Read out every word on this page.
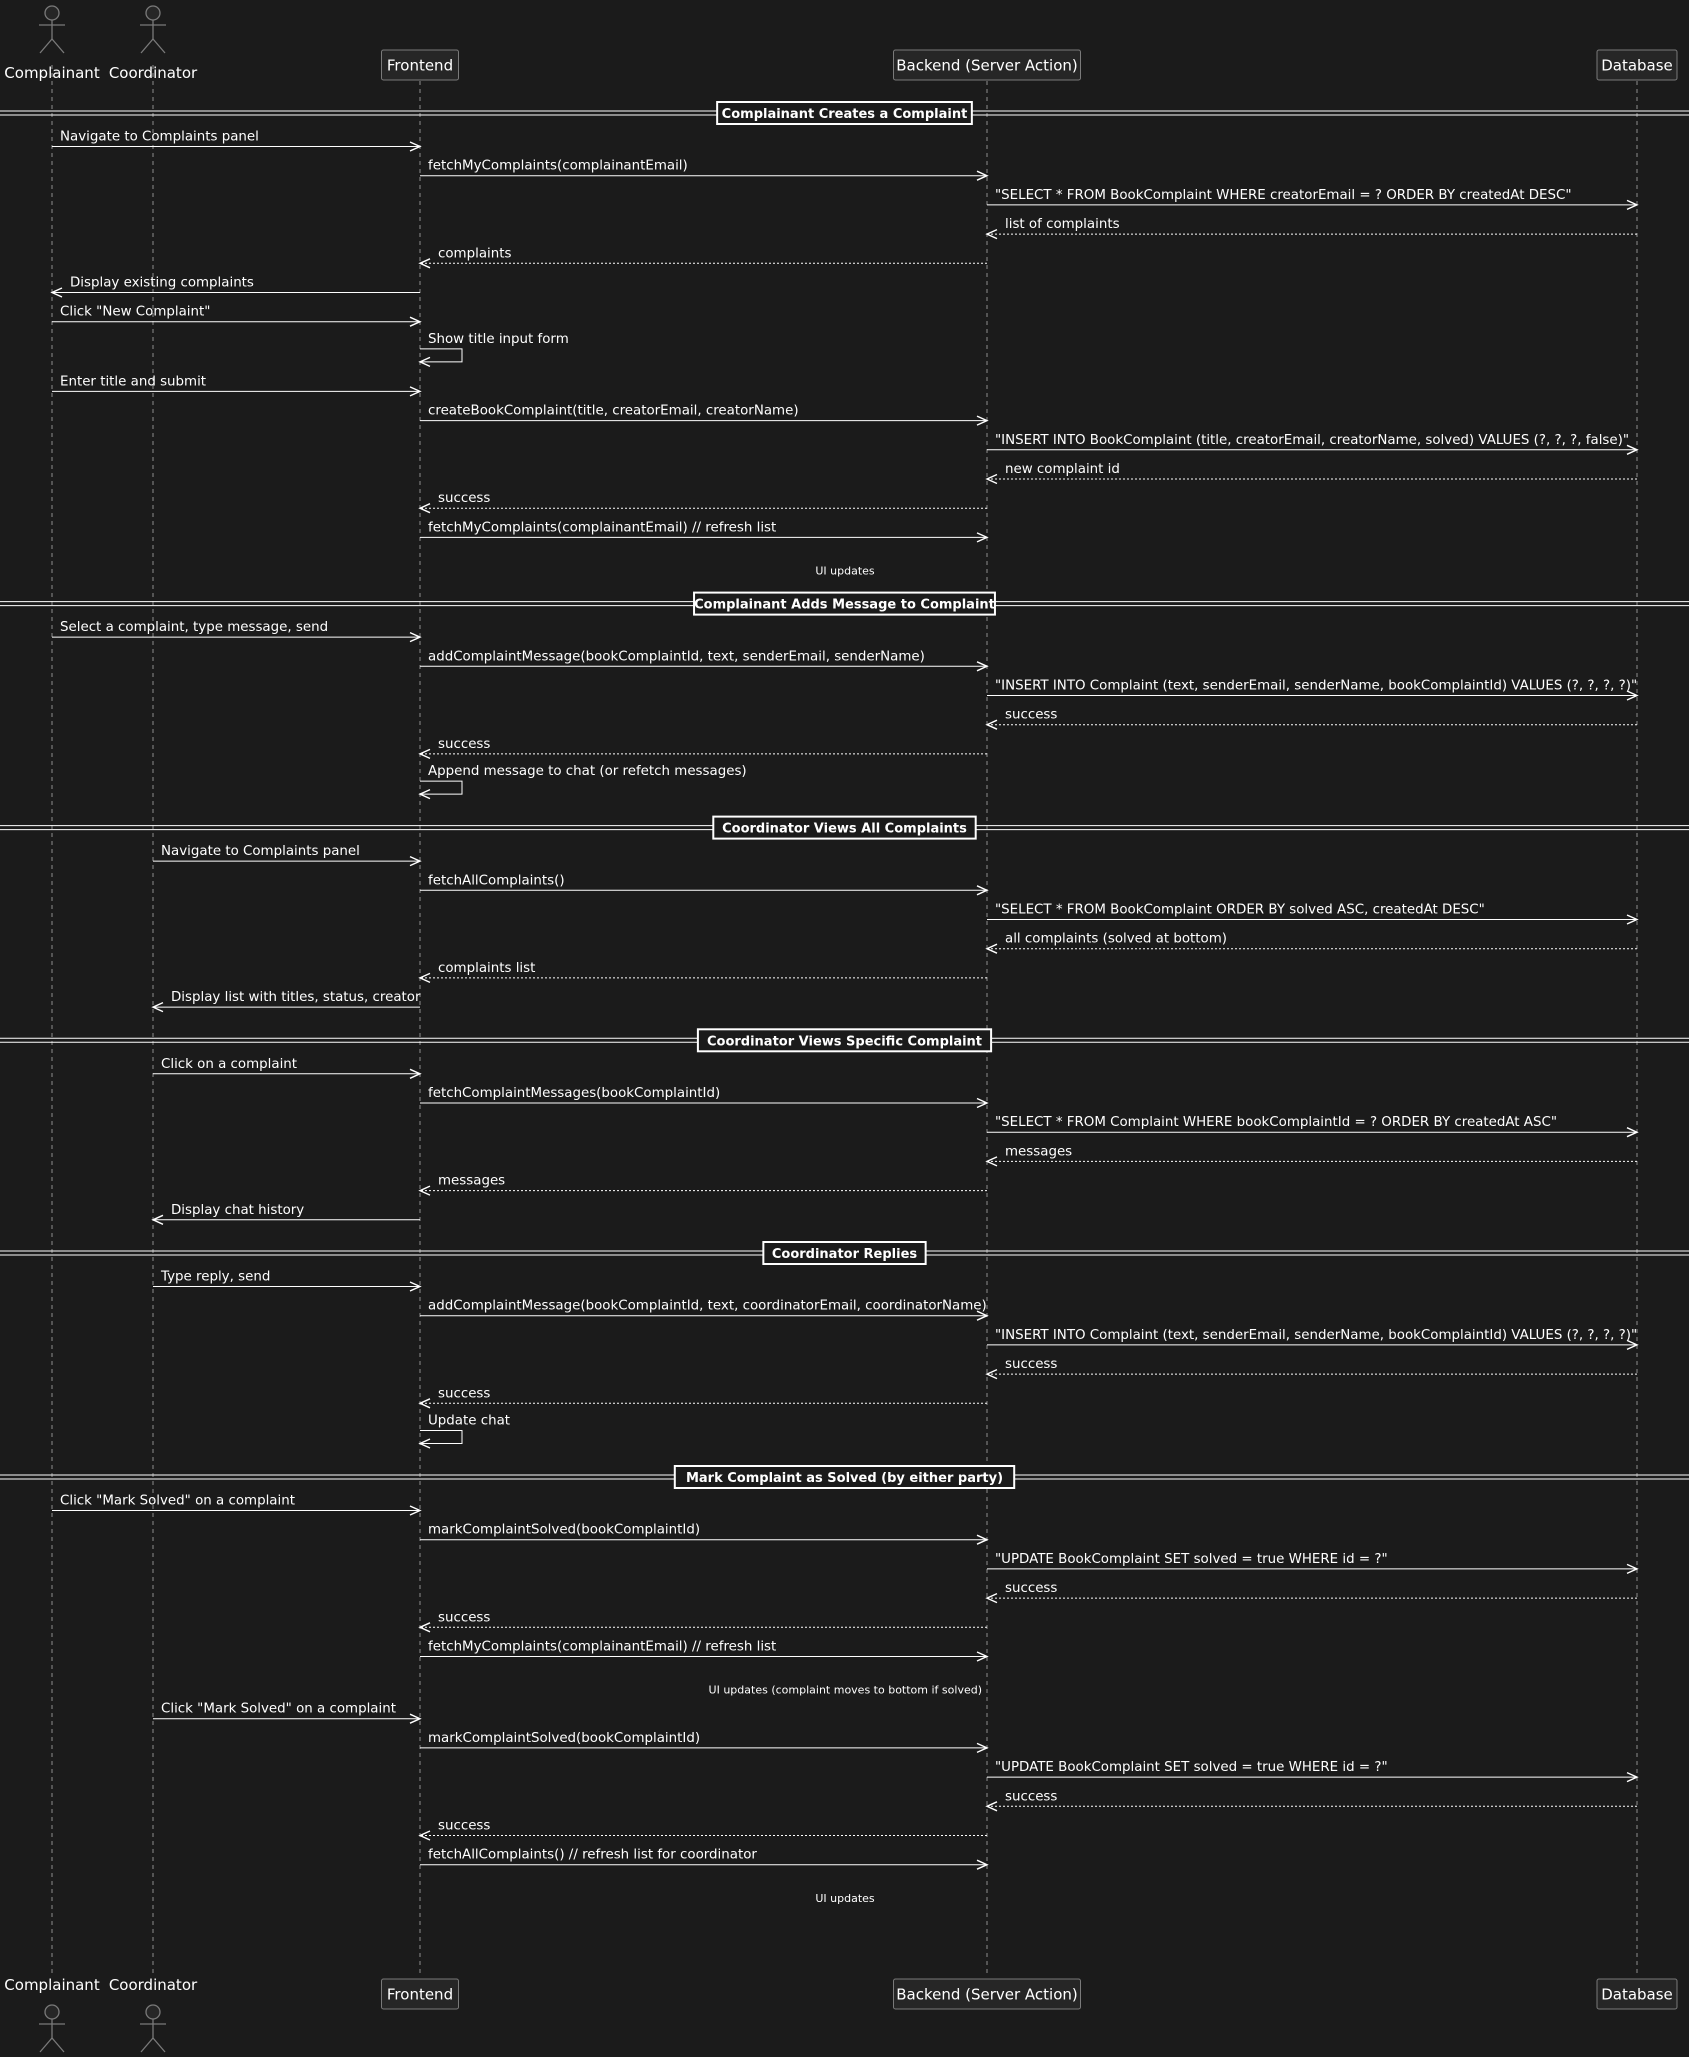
Complainant
Complainant
Coordinator
Coordinator
Frontend
Frontend
Backend (Server Action)
Backend (Server Action)
Database
Database
Complainant Creates a Complaint
Navigate to Complaints panel
fetchMyComplaints(complainantEmail)
"SELECT * FROM BookComplaint WHERE creatorEmail = ? ORDER BY createdAt DESC"
list of complaints
complaints
Display existing complaints
Click "New Complaint"
Show title input form
Enter title and submit
createBookComplaint(title, creatorEmail, creatorName)
"INSERT INTO BookComplaint (title, creatorEmail, creatorName, solved) VALUES (?, ?, ?, false)"
new complaint id
success
fetchMyComplaints(complainantEmail) // refresh list
UI updates
Complainant Adds Message to Complaint
Select a complaint, type message, send
addComplaintMessage(bookComplaintId, text, senderEmail, senderName)
"INSERT INTO Complaint (text, senderEmail, senderName, bookComplaintId) VALUES (?, ?, ?, ?)"
success
success
Append message to chat (or refetch messages)
Coordinator Views All Complaints
Navigate to Complaints panel
fetchAllComplaints()
"SELECT * FROM BookComplaint ORDER BY solved ASC, createdAt DESC"
all complaints (solved at bottom)
complaints list
Display list with titles, status, creator
Coordinator Views Specific Complaint
Click on a complaint
fetchComplaintMessages(bookComplaintId)
"SELECT * FROM Complaint WHERE bookComplaintId = ? ORDER BY createdAt ASC"
messages
messages
Display chat history
Coordinator Replies
Type reply, send
addComplaintMessage(bookComplaintId, text, coordinatorEmail, coordinatorName)
"INSERT INTO Complaint (text, senderEmail, senderName, bookComplaintId) VALUES (?, ?, ?, ?)"
success
success
Update chat
Mark Complaint as Solved (by either party)
Click "Mark Solved" on a complaint
markComplaintSolved(bookComplaintId)
"UPDATE BookComplaint SET solved = true WHERE id = ?"
success
success
fetchMyComplaints(complainantEmail) // refresh list
UI updates (complaint moves to bottom if solved)
Click "Mark Solved" on a complaint
markComplaintSolved(bookComplaintId)
"UPDATE BookComplaint SET solved = true WHERE id = ?"
success
success
fetchAllComplaints() // refresh list for coordinator
UI updates
